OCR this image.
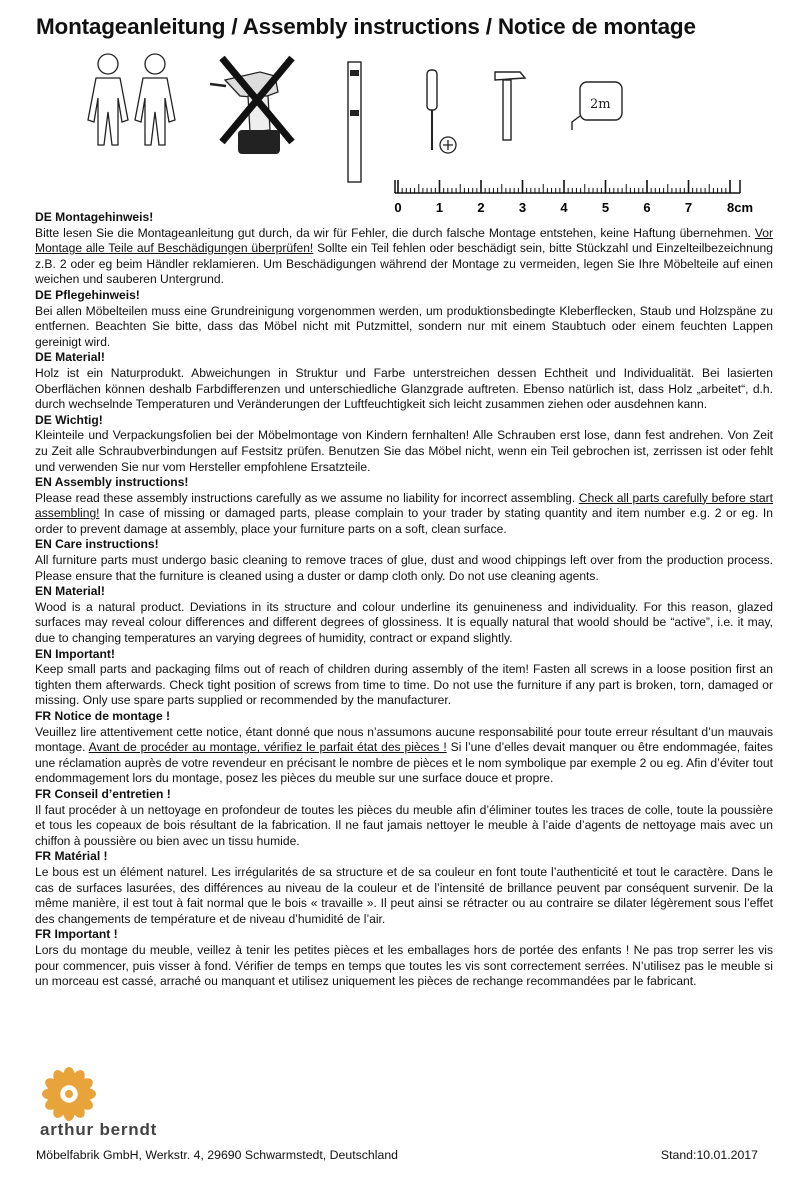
Montageanleitung / Assembly instructions / Notice de montage
2m
0	1	2	3	4	5	6	7	8cm
DE Montagehinweis!

Bitte lesen Sie die Montageanleitung gut durch, da wir für Fehler, die durch falsche Montage entstehen, keine Haftung übernehmen. Vor Montage alle Teile auf Beschädigungen überprüfen! Sollte ein Teil fehlen oder beschädigt sein, bitte Stückzahl und Einzelteilbezeichnung z.B. 2 oder eg beim Händler reklamieren. Um Beschädigungen während der Montage zu vermeiden, legen Sie Ihre Möbelteile auf einen weichen und sauberen Untergrund.

DE Pflegehinweis!

Bei allen Möbelteilen muss eine Grundreinigung vorgenommen werden, um produktionsbedingte Kleberflecken, Staub und Holzspäne zu entfernen. Beachten Sie bitte, dass das Möbel nicht mit Putzmittel, sondern nur mit einem Staubtuch oder einem feuchten Lappen gereinigt wird.

DE Material!

Holz ist ein Naturprodukt. Abweichungen in Struktur und Farbe unterstreichen dessen Echtheit und Individualität. Bei lasierten Oberflächen können deshalb Farbdifferenzen und unterschiedliche Glanzgrade auftreten. Ebenso natürlich ist, dass Holz „arbeitet“, d.h. durch wechselnde Temperaturen und Veränderungen der Luftfeuchtigkeit sich leicht zusammen ziehen oder ausdehnen kann.

DE Wichtig!

Kleinteile und Verpackungsfolien bei der Möbelmontage von Kindern fernhalten! Alle Schrauben erst lose, dann fest andrehen. Von Zeit zu Zeit alle Schraubverbindungen auf Festsitz prüfen. Benutzen Sie das Möbel nicht, wenn ein Teil gebrochen ist, zerrissen ist oder fehlt und verwenden Sie nur vom Hersteller empfohlene Ersatzteile.

EN Assembly instructions!

Please read these assembly instructions carefully as we assume no liability for incorrect assembling. Check all parts carefully before start assembling! In case of missing or damaged parts, please complain to your trader by stating quantity and item number e.g. 2 or eg. In order to prevent damage at assembly, place your furniture parts on a soft, clean surface.

EN Care instructions!

All furniture parts must undergo basic cleaning to remove traces of glue, dust and wood chippings left over from the production process. Please ensure that the furniture is cleaned using a duster or damp cloth only. Do not use cleaning agents.

EN Material!

Wood is a natural product. Deviations in its structure and colour underline its genuineness and individuality. For this reason, glazed surfaces may reveal colour differences and different degrees of glossiness. It is equally natural that woold should be “active”, i.e. it may, due to changing temperatures an varying degrees of humidity, contract or expand slightly.

EN Important!

Keep small parts and packaging films out of reach of children during assembly of the item! Fasten all screws in a loose position first an tighten them afterwards. Check tight position of screws from time to time. Do not use the furniture if any part is broken, torn, damaged or missing. Only use spare parts supplied or recommended by the manufacturer.

FR Notice de montage !

Veuillez lire attentivement cette notice, étant donné que nous n’assumons aucune responsabilité pour toute erreur résultant d’un mauvais montage. Avant de procéder au montage, vérifiez le parfait état des pièces ! Si l’une d’elles devait manquer ou être endommagée, faites une réclamation auprès de votre revendeur en précisant le nombre de pièces et le nom symbolique par exemple 2 ou eg. Afin d’éviter tout endommagement lors du montage, posez les pièces du meuble sur une surface douce et propre.

FR Conseil d’entretien !

Il faut procéder à un nettoyage en profondeur de toutes les pièces du meuble afin d’éliminer toutes les traces de colle, toute la poussière et tous les copeaux de bois résultant de la fabrication. Il ne faut jamais nettoyer le meuble à l’aide d’agents de nettoyage mais avec un chiffon à poussière ou bien avec un tissu humide.

FR Matérial !

Le bous est un élément naturel. Les irrégularités de sa structure et de sa couleur en font toute l’authenticité et tout le caractère. Dans le cas de surfaces lasurées, des différences au niveau de la couleur et de l’intensité de brillance peuvent par conséquent survenir. De la même manière, il est tout à fait normal que le bois « travaille ». Il peut ainsi se rétracter ou au contraire se dilater légèrement sous l’effet des changements de température et de niveau d’humidité de l’air.

FR Important !

Lors du montage du meuble, veillez à tenir les petites pièces et les emballages hors de portée des enfants ! Ne pas trop serrer les vis pour commencer, puis visser à fond. Vérifier de temps en temps que toutes les vis sont correctement serrées. N’utilisez pas le meuble si un morceau est cassé, arraché ou manquant et utilisez uniquement les pièces de rechange recommandées par le fabricant.

arthur berndt
Möbelfabrik GmbH, Werkstr. 4, 29690 Schwarmstedt, Deutschland	Stand:10.01.2017
